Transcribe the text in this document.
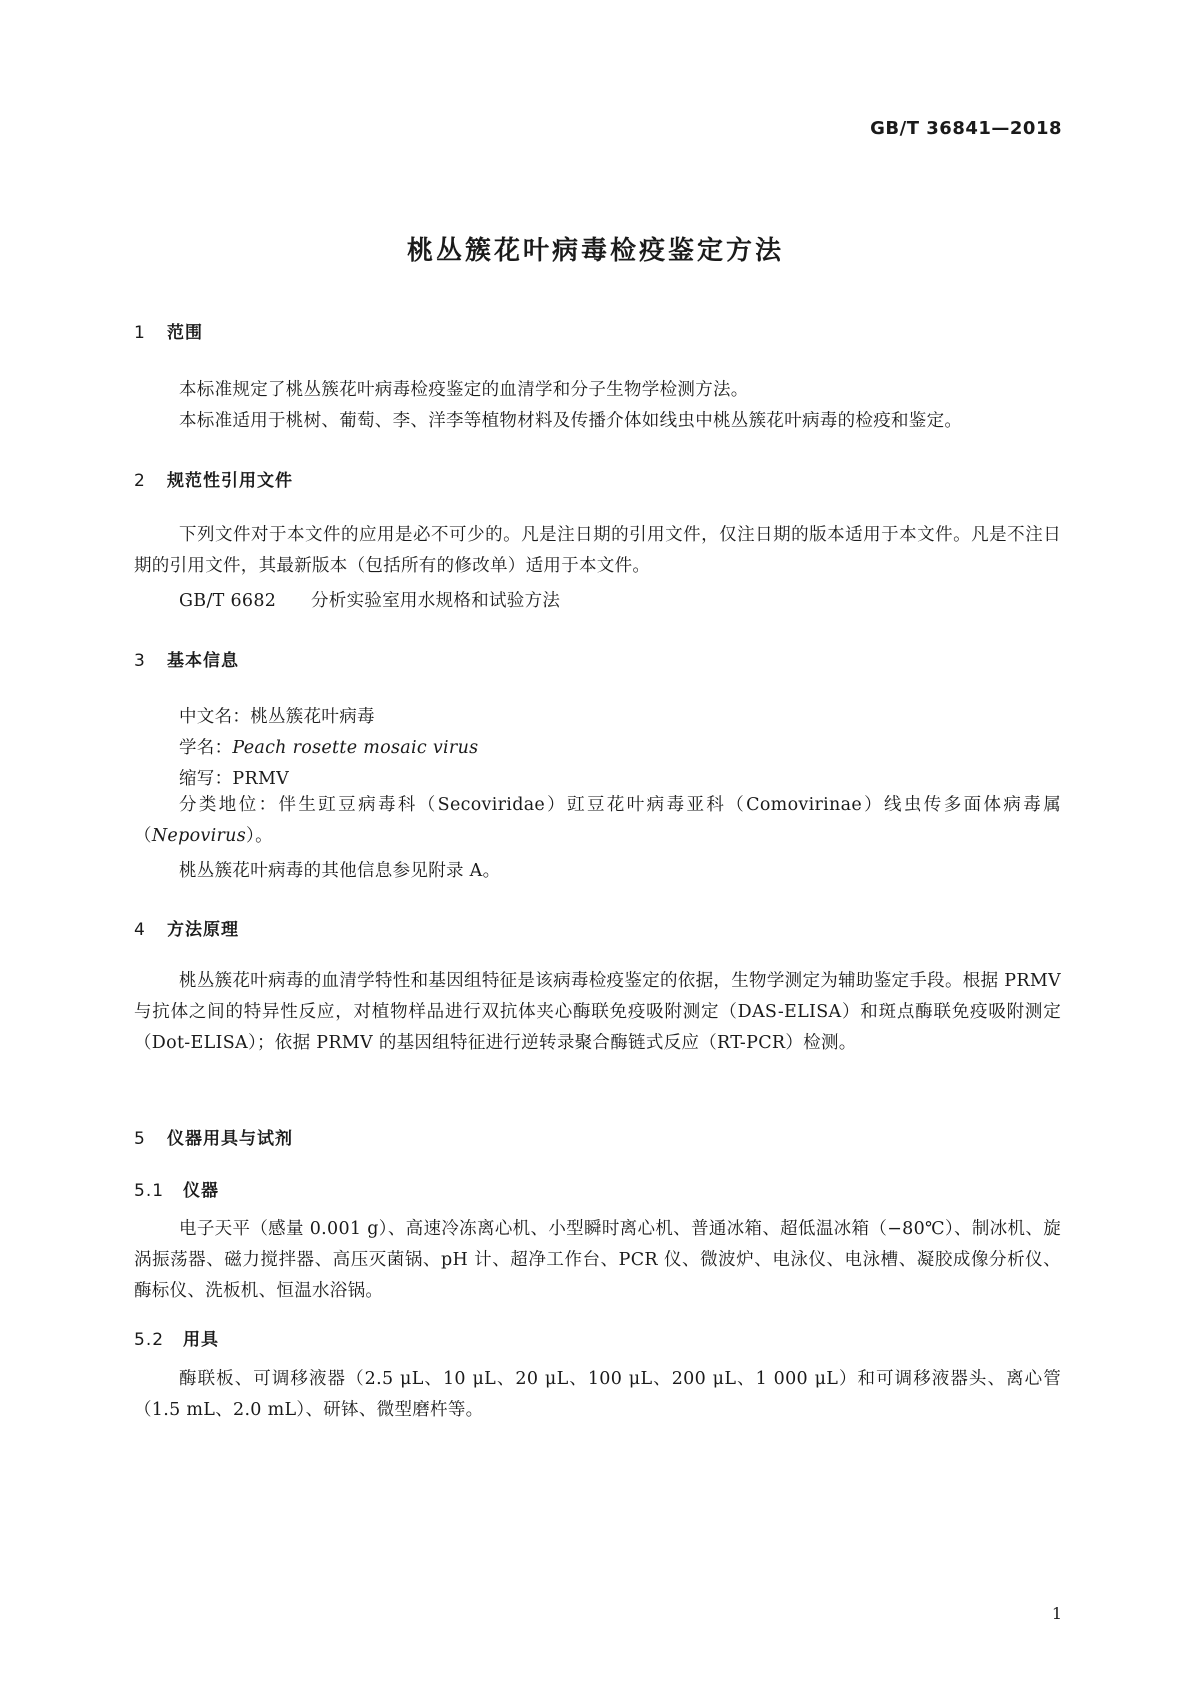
GB/T 36841—2018
桃丛簇花叶病毒检疫鉴定方法
1 范围
本标准规定了桃丛簇花叶病毒检疫鉴定的血清学和分子生物学检测方法。
本标准适用于桃树、葡萄、李、洋李等植物材料及传播介体如线虫中桃丛簇花叶病毒的检疫和鉴定。
2 规范性引用文件
下列文件对于本文件的应用是必不可少的。凡是注日期的引用文件，仅注日期的版本适用于本文件。凡是不注日期的引用文件，其最新版本（包括所有的修改单）适用于本文件。
GB/T 6682 分析实验室用水规格和试验方法
3 基本信息
中文名：桃丛簇花叶病毒
学名：Peach rosette mosaic virus
缩写：PRMV
分类地位：伴生豇豆病毒科（Secoviridae）豇豆花叶病毒亚科（Comovirinae）线虫传多面体病毒属（Nepovirus）。
桃丛簇花叶病毒的其他信息参见附录 A。
4 方法原理
桃丛簇花叶病毒的血清学特性和基因组特征是该病毒检疫鉴定的依据，生物学测定为辅助鉴定手段。根据 PRMV 与抗体之间的特异性反应，对植物样品进行双抗体夹心酶联免疫吸附测定（DAS-ELISA）和斑点酶联免疫吸附测定（Dot-ELISA）；依据 PRMV 的基因组特征进行逆转录聚合酶链式反应（RT-PCR）检测。
5 仪器用具与试剂
5.1 仪器
电子天平（感量 0.001 g）、高速冷冻离心机、小型瞬时离心机、普通冰箱、超低温冰箱（−80℃）、制冰机、旋涡振荡器、磁力搅拌器、高压灭菌锅、pH 计、超净工作台、PCR 仪、微波炉、电泳仪、电泳槽、凝胶成像分析仪、酶标仪、洗板机、恒温水浴锅。
5.2 用具
酶联板、可调移液器（2.5 μL、10 μL、20 μL、100 μL、200 μL、1 000 μL）和可调移液器头、离心管（1.5 mL、2.0 mL）、研钵、微型磨杵等。
1
